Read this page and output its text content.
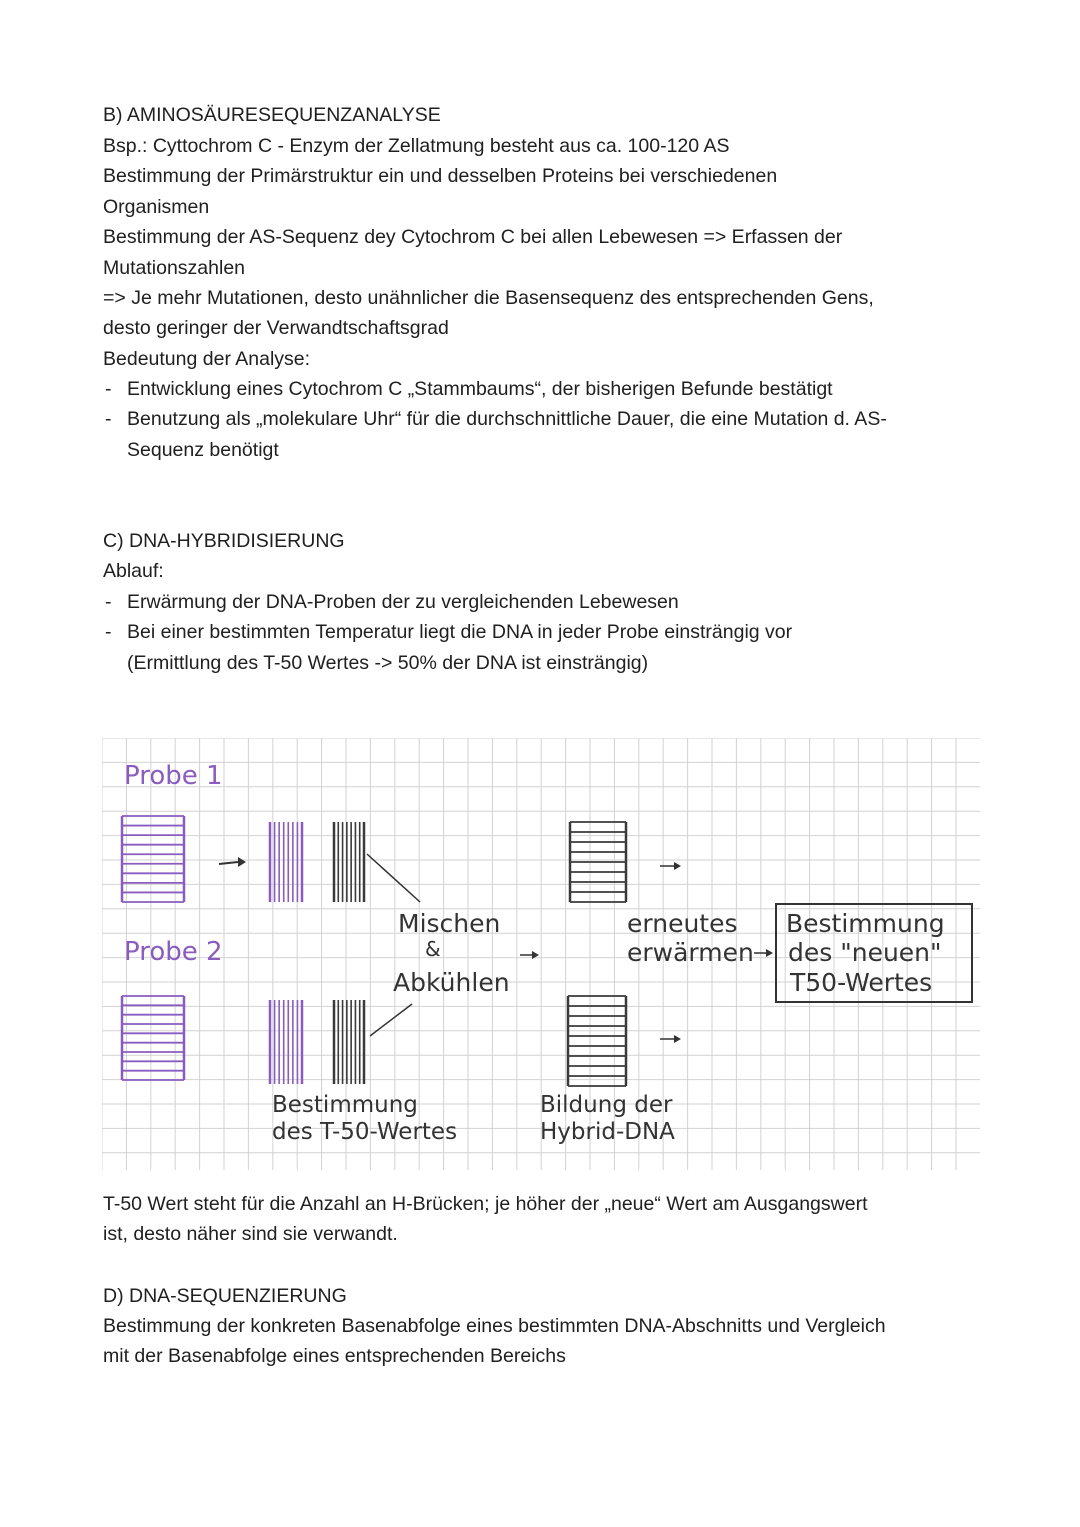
B) AMINOSÄURESEQUENZANALYSE
Bsp.: Cyttochrom C - Enzym der Zellatmung besteht aus ca. 100-120 AS
Bestimmung der Primärstruktur ein und desselben Proteins bei verschiedenen
Organismen
Bestimmung der AS-Sequenz dey Cytochrom C bei allen Lebewesen => Erfassen der
Mutationszahlen
=> Je mehr Mutationen, desto unähnlicher die Basensequenz des entsprechenden Gens,
desto geringer der Verwandtschaftsgrad
Bedeutung der Analyse:
- Entwicklung eines Cytochrom C „Stammbaums“, der bisherigen Befunde bestätigt
- Benutzung als „molekulare Uhr“ für die durchschnittliche Dauer, die eine Mutation d. AS-
Sequenz benötigt
C) DNA-HYBRIDISIERUNG
Ablauf:
- Erwärmung der DNA-Proben der zu vergleichenden Lebewesen
- Bei einer bestimmten Temperatur liegt die DNA in jeder Probe einsträngig vor
(Ermittlung des T-50 Wertes -> 50% der DNA ist einsträngig)
Probe 1
Probe 2
Mischen
&
Abkühlen
erneutes
erwärmen
Bestimmung
des "neuen"
T50-Wertes
Bestimmung
des T-50-Wertes
Bildung der
Hybrid-DNA
T-50 Wert steht für die Anzahl an H-Brücken; je höher der „neue“ Wert am Ausgangswert
ist, desto näher sind sie verwandt.
D) DNA-SEQUENZIERUNG
Bestimmung der konkreten Basenabfolge eines bestimmten DNA-Abschnitts und Vergleich
mit der Basenabfolge eines entsprechenden Bereichs
